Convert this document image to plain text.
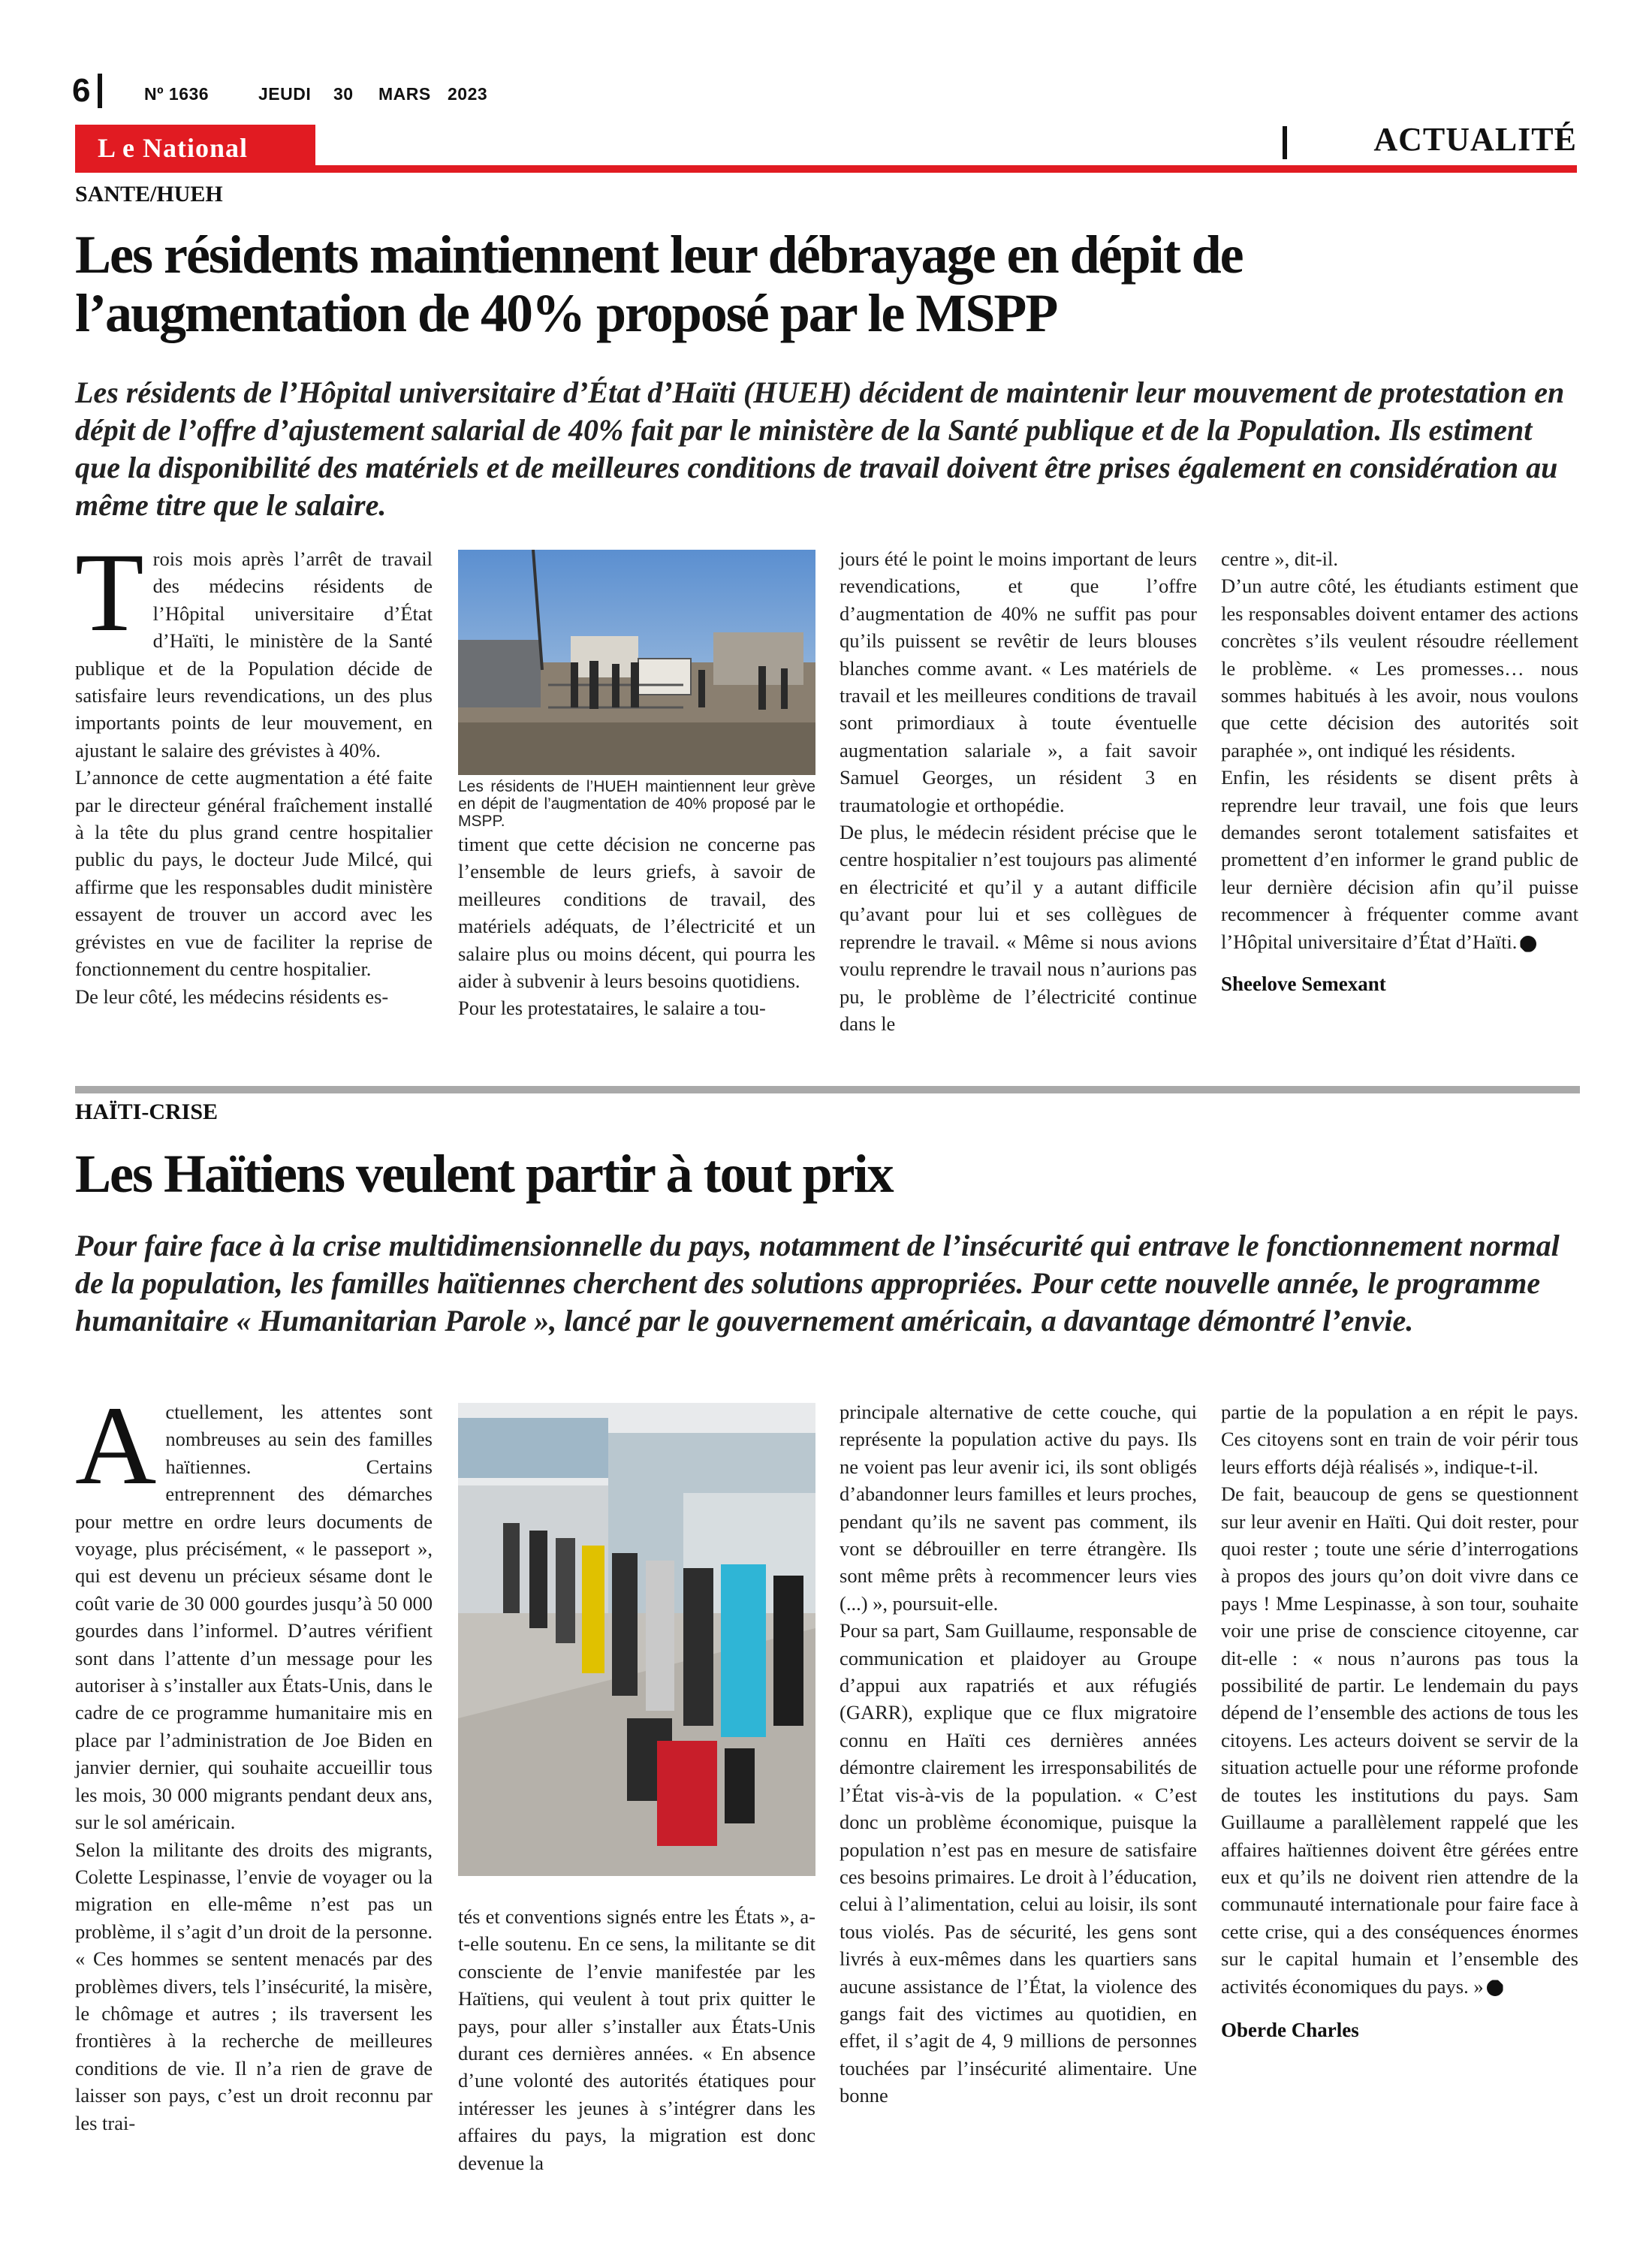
6	Nº 1636	JEUDI 30 MARS 2023
L e National	ACTUALITÉ
SANTE/HUEH
Les résidents maintiennent leur débrayage en dépit de
l’augmentation de 40% proposé par le MSPP
Les résidents de l’Hôpital universitaire d’État d’Haïti (HUEH) décident de maintenir leur mouvement de protestation en dépit de l’offre d’ajustement salarial de 40% fait par le ministère de la Santé publique et de la Population. Ils estiment que la disponibilité des matériels et de meilleures conditions de travail doivent être prises également en considération au même titre que le salaire.
T rois mois après l’arrêt de travail des médecins résidents de l’Hôpital universitaire d’État d’Haïti, le ministère de la Santé publique et de la Population décide de satisfaire leurs revendications, un des plus importants points de leur mouvement, en ajustant le salaire des grévistes à 40%.

L’annonce de cette augmentation a été faite par le directeur général fraîchement installé à la tête du plus grand centre hospitalier public du pays, le docteur Jude Milcé, qui affirme que les responsables dudit ministère essayent de trouver un accord avec les grévistes en vue de faciliter la reprise de fonctionnement du centre hospitalier.

De leur côté, les médecins résidents es-

Les résidents de l’HUEH maintiennent leur grève en dépit de l’augmentation de 40% proposé par le MSPP.

timent que cette décision ne concerne pas l’ensemble de leurs griefs, à savoir de meilleures conditions de travail, des matériels adéquats, de l’électricité et un salaire plus ou moins décent, qui pourra les aider à subvenir à leurs besoins quotidiens.

Pour les protestataires, le salaire a tou-

jours été le point le moins important de leurs revendications, et que l’offre d’augmentation de 40% ne suffit pas pour qu’ils puissent se revêtir de leurs blouses blanches comme avant. « Les matériels de travail et les meilleures conditions de travail sont primordiaux à toute éventuelle augmentation salariale », a fait savoir Samuel Georges, un résident 3 en traumatologie et orthopédie.

De plus, le médecin résident précise que le centre hospitalier n’est toujours pas alimenté en électricité et qu’il y a autant difficile qu’avant pour lui et ses collègues de reprendre le travail. « Même si nous avions voulu reprendre le travail nous n’aurions pas pu, le problème de l’électricité continue dans le

centre », dit-il.

D’un autre côté, les étudiants estiment que les responsables doivent entamer des actions concrètes s’ils veulent résoudre réellement le problème. « Les promesses… nous sommes habitués à les avoir, nous voulons que cette décision des autorités soit paraphée », ont indiqué les résidents.

Enfin, les résidents se disent prêts à reprendre leur travail, une fois que leurs demandes seront totalement satisfaites et promettent d’en informer le grand public de leur dernière décision afin qu’il puisse recommencer à fréquenter comme avant l’Hôpital universitaire d’État d’Haïti.

Sheelove Semexant
HAÏTI-CRISE
Les Haïtiens veulent partir à tout prix
Pour faire face à la crise multidimensionnelle du pays, notamment de l’insécurité qui entrave le fonctionnement normal de la population, les familles haïtiennes cherchent des solutions appropriées. Pour cette nouvelle année, le programme humanitaire « Humanitarian Parole », lancé par le gouvernement américain, a davantage démontré l’envie.
A ctuellement, les attentes sont nombreuses au sein des familles haïtiennes. Certains entreprennent des démarches pour mettre en ordre leurs documents de voyage, plus précisément, « le passeport », qui est devenu un précieux sésame dont le coût varie de 30 000 gourdes jusqu’à 50 000 gourdes dans l’informel. D’autres vérifient sont dans l’attente d’un message pour les autoriser à s’installer aux États-Unis, dans le cadre de ce programme humanitaire mis en place par l’administration de Joe Biden en janvier dernier, qui souhaite accueillir tous les mois, 30 000 migrants pendant deux ans, sur le sol américain.

Selon la militante des droits des migrants, Colette Lespinasse, l’envie de voyager ou la migration en elle-même n’est pas un problème, il s’agit d’un droit de la personne. « Ces hommes se sentent menacés par des problèmes divers, tels l’insécurité, la misère, le chômage et autres ; ils traversent les frontières à la recherche de meilleures conditions de vie. Il n’a rien de grave de laisser son pays, c’est un droit reconnu par les trai-

tés et conventions signés entre les États », a-t-elle soutenu. En ce sens, la militante se dit consciente de l’envie manifestée par les Haïtiens, qui veulent à tout prix quitter le pays, pour aller s’installer aux États-Unis durant ces dernières années. « En absence d’une volonté des autorités étatiques pour intéresser les jeunes à s’intégrer dans les affaires du pays, la migration est donc devenue la

principale alternative de cette couche, qui représente la population active du pays. Ils ne voient pas leur avenir ici, ils sont obligés d’abandonner leurs familles et leurs proches, pendant qu’ils ne savent pas comment, ils vont se débrouiller en terre étrangère. Ils sont même prêts à recommencer leurs vies (...) », poursuit-elle.

Pour sa part, Sam Guillaume, responsable de communication et plaidoyer au Groupe d’appui aux rapatriés et aux réfugiés (GARR), explique que ce flux migratoire connu en Haïti ces dernières années démontre clairement les irresponsabilités de l’État vis-à-vis de la population. « C’est donc un problème économique, puisque la population n’est pas en mesure de satisfaire ces besoins primaires. Le droit à l’éducation, celui à l’alimentation, celui au loisir, ils sont tous violés. Pas de sécurité, les gens sont livrés à eux-mêmes dans les quartiers sans aucune assistance de l’État, la violence des gangs fait des victimes au quotidien, en effet, il s’agit de 4, 9 millions de personnes touchées par l’insécurité alimentaire. Une bonne

partie de la population a en répit le pays. Ces citoyens sont en train de voir périr tous leurs efforts déjà réalisés », indique-t-il.

De fait, beaucoup de gens se questionnent sur leur avenir en Haïti. Qui doit rester, pour quoi rester ; toute une série d’interrogations à propos des jours qu’on doit vivre dans ce pays ! Mme Lespinasse, à son tour, souhaite voir une prise de conscience citoyenne, car dit-elle : « nous n’aurons pas tous la possibilité de partir. Le lendemain du pays dépend de l’ensemble des actions de tous les citoyens. Les acteurs doivent se servir de la situation actuelle pour une réforme profonde de toutes les institutions du pays. Sam Guillaume a parallèlement rappelé que les affaires haïtiennes doivent être gérées entre eux et qu’ils ne doivent rien attendre de la communauté internationale pour faire face à cette crise, qui a des conséquences énormes sur le capital humain et l’ensemble des activités économiques du pays. »

Oberde Charles
